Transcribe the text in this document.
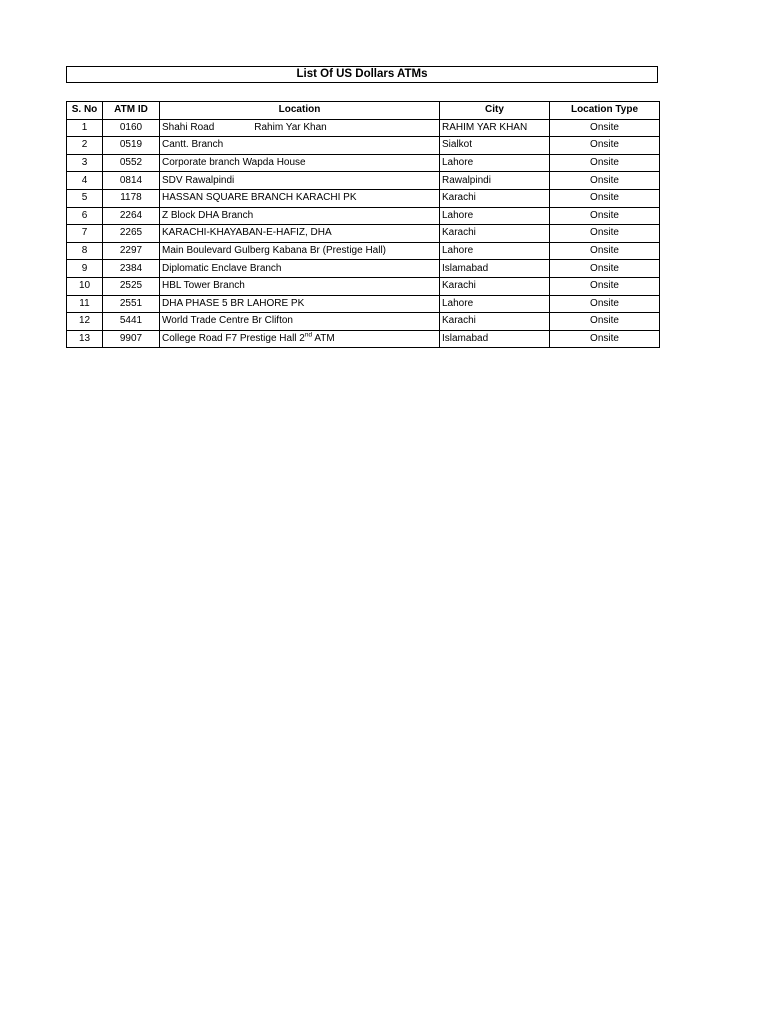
List Of US Dollars ATMs
S. No	ATM ID	Location	City	Location Type
1	0160	Shahi Road Rahim Yar Khan	RAHIM YAR KHAN	Onsite
2	0519	Cantt. Branch	Sialkot	Onsite
3	0552	Corporate branch Wapda House	Lahore	Onsite
4	0814	SDV Rawalpindi	Rawalpindi	Onsite
5	1178	HASSAN SQUARE BRANCH KARACHI PK	Karachi	Onsite
6	2264	Z Block DHA Branch	Lahore	Onsite
7	2265	KARACHI-KHAYABAN-E-HAFIZ, DHA	Karachi	Onsite
8	2297	Main Boulevard Gulberg Kabana Br (Prestige Hall)	Lahore	Onsite
9	2384	Diplomatic Enclave Branch	Islamabad	Onsite
10	2525	HBL Tower Branch	Karachi	Onsite
11	2551	DHA PHASE 5 BR LAHORE PK	Lahore	Onsite
12	5441	World Trade Centre Br Clifton	Karachi	Onsite
13	9907	College Road F7 Prestige Hall 2nd ATM	Islamabad	Onsite
